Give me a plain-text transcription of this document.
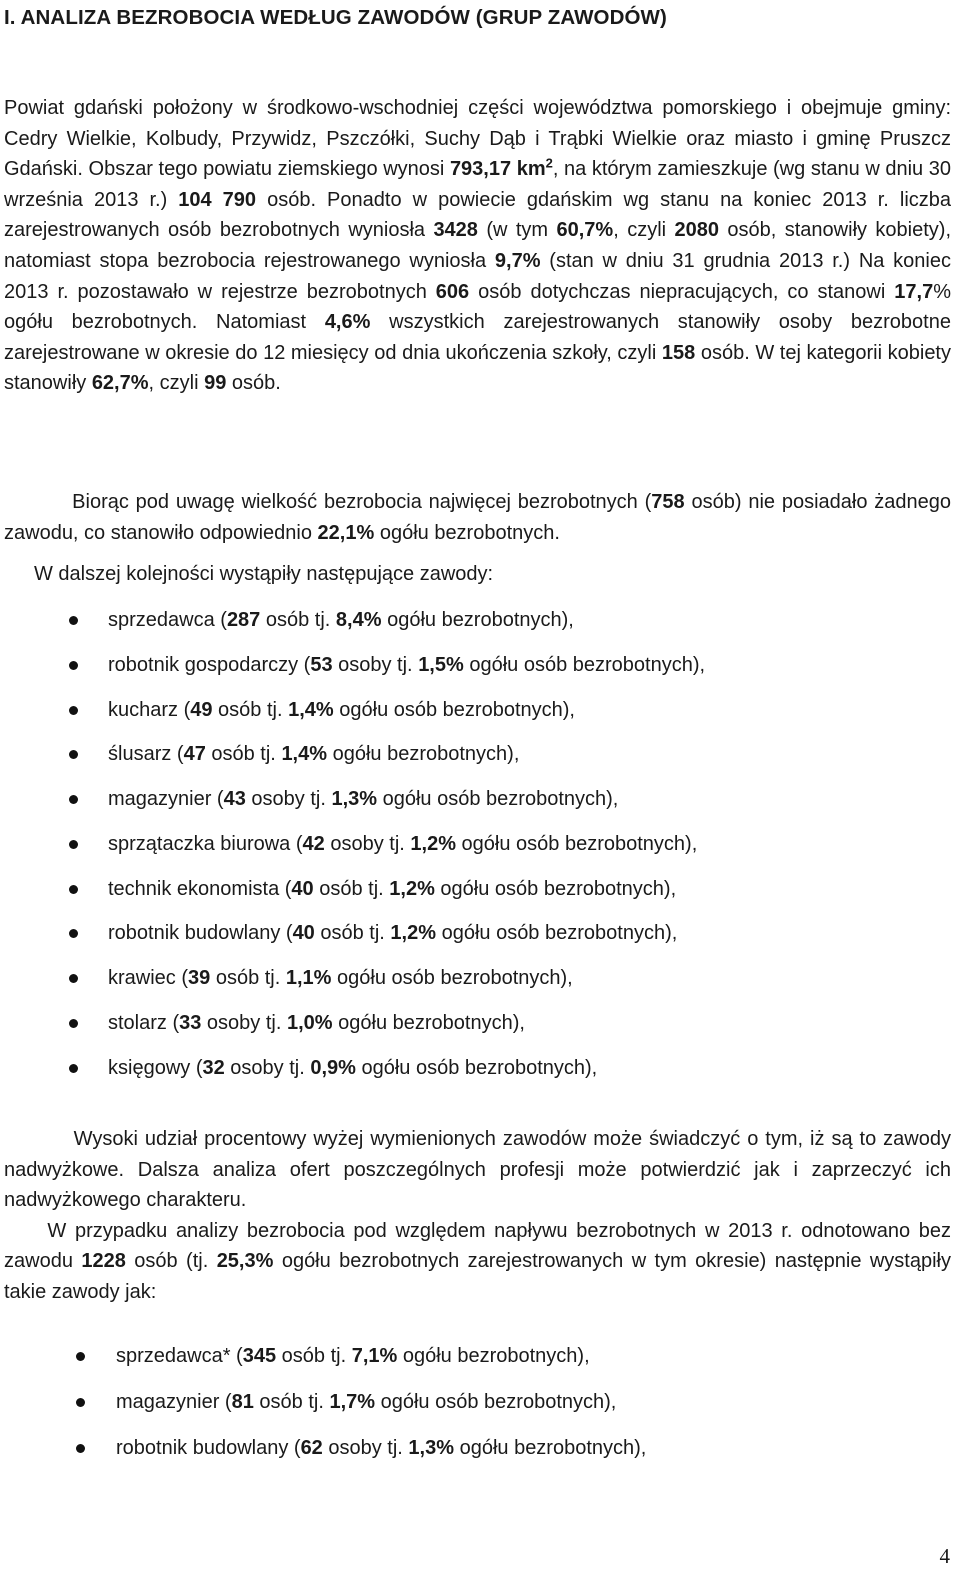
I. ANALIZA BEZROBOCIA WEDŁUG ZAWODÓW (GRUP ZAWODÓW)

Powiat gdański położony w środkowo-wschodniej części województwa pomorskiego i obejmuje gminy: Cedry Wielkie, Kolbudy, Przywidz, Pszczółki, Suchy Dąb i Trąbki Wielkie oraz miasto i gminę Pruszcz Gdański. Obszar tego powiatu ziemskiego wynosi 793,17 $km^2$, na którym zamieszkuje (wg stanu w dniu 30 września 2013 r.) 104 790 osób. Ponadto w powiecie gdańskim wg stanu na koniec 2013 r. liczba zarejestrowanych osób bezrobotnych wyniosła 3428 (w tym 60,7%, czyli 2080 osób, stanowiły kobiety), natomiast stopa bezrobocia rejestrowanego wyniosła 9,7% (stan w dniu 31 grudnia 2013 r.) Na koniec 2013 r. pozostawało w rejestrze bezrobotnych 606 osób dotychczas niepracujących, co stanowi 17,7% ogółu bezrobotnych. Natomiast 4,6% wszystkich zarejestrowanych stanowiły osoby bezrobotne zarejestrowane w okresie do 12 miesięcy od dnia ukończenia szkoły, czyli 158 osób. W tej kategorii kobiety stanowiły 62,7%, czyli 99 osób.

Biorąc pod uwagę wielkość bezrobocia najwięcej bezrobotnych (758 osób) nie posiadało żadnego zawodu, co stanowiło odpowiednio 22,1% ogółu bezrobotnych.

W dalszej kolejności wystąpiły następujące zawody:

sprzedawca (287 osób tj. 8,4% ogółu bezrobotnych),
robotnik gospodarczy (53 osoby tj. 1,5% ogółu osób bezrobotnych),
kucharz (49 osób tj. 1,4% ogółu osób bezrobotnych),
ślusarz (47 osób tj. 1,4% ogółu bezrobotnych),
magazynier (43 osoby tj. 1,3% ogółu osób bezrobotnych),
sprzątaczka biurowa (42 osoby tj. 1,2% ogółu osób bezrobotnych),
technik ekonomista (40 osób tj. 1,2% ogółu osób bezrobotnych),
robotnik budowlany (40 osób tj. 1,2% ogółu osób bezrobotnych),
krawiec (39 osób tj. 1,1% ogółu osób bezrobotnych),
stolarz (33 osoby tj. 1,0% ogółu bezrobotnych),
księgowy (32 osoby tj. 0,9% ogółu osób bezrobotnych),

Wysoki udział procentowy wyżej wymienionych zawodów może świadczyć o tym, iż są to zawody nadwyżkowe. Dalsza analiza ofert poszczególnych profesji może potwierdzić jak i zaprzeczyć ich nadwyżkowego charakteru.
W przypadku analizy bezrobocia pod względem napływu bezrobotnych w 2013 r. odnotowano bez zawodu 1228 osób (tj. 25,3% ogółu bezrobotnych zarejestrowanych w tym okresie) następnie wystąpiły takie zawody jak:

sprzedawca* (345 osób tj. 7,1% ogółu bezrobotnych),
magazynier (81 osób tj. 1,7% ogółu osób bezrobotnych),
robotnik budowlany (62 osoby tj. 1,3% ogółu bezrobotnych),
4
